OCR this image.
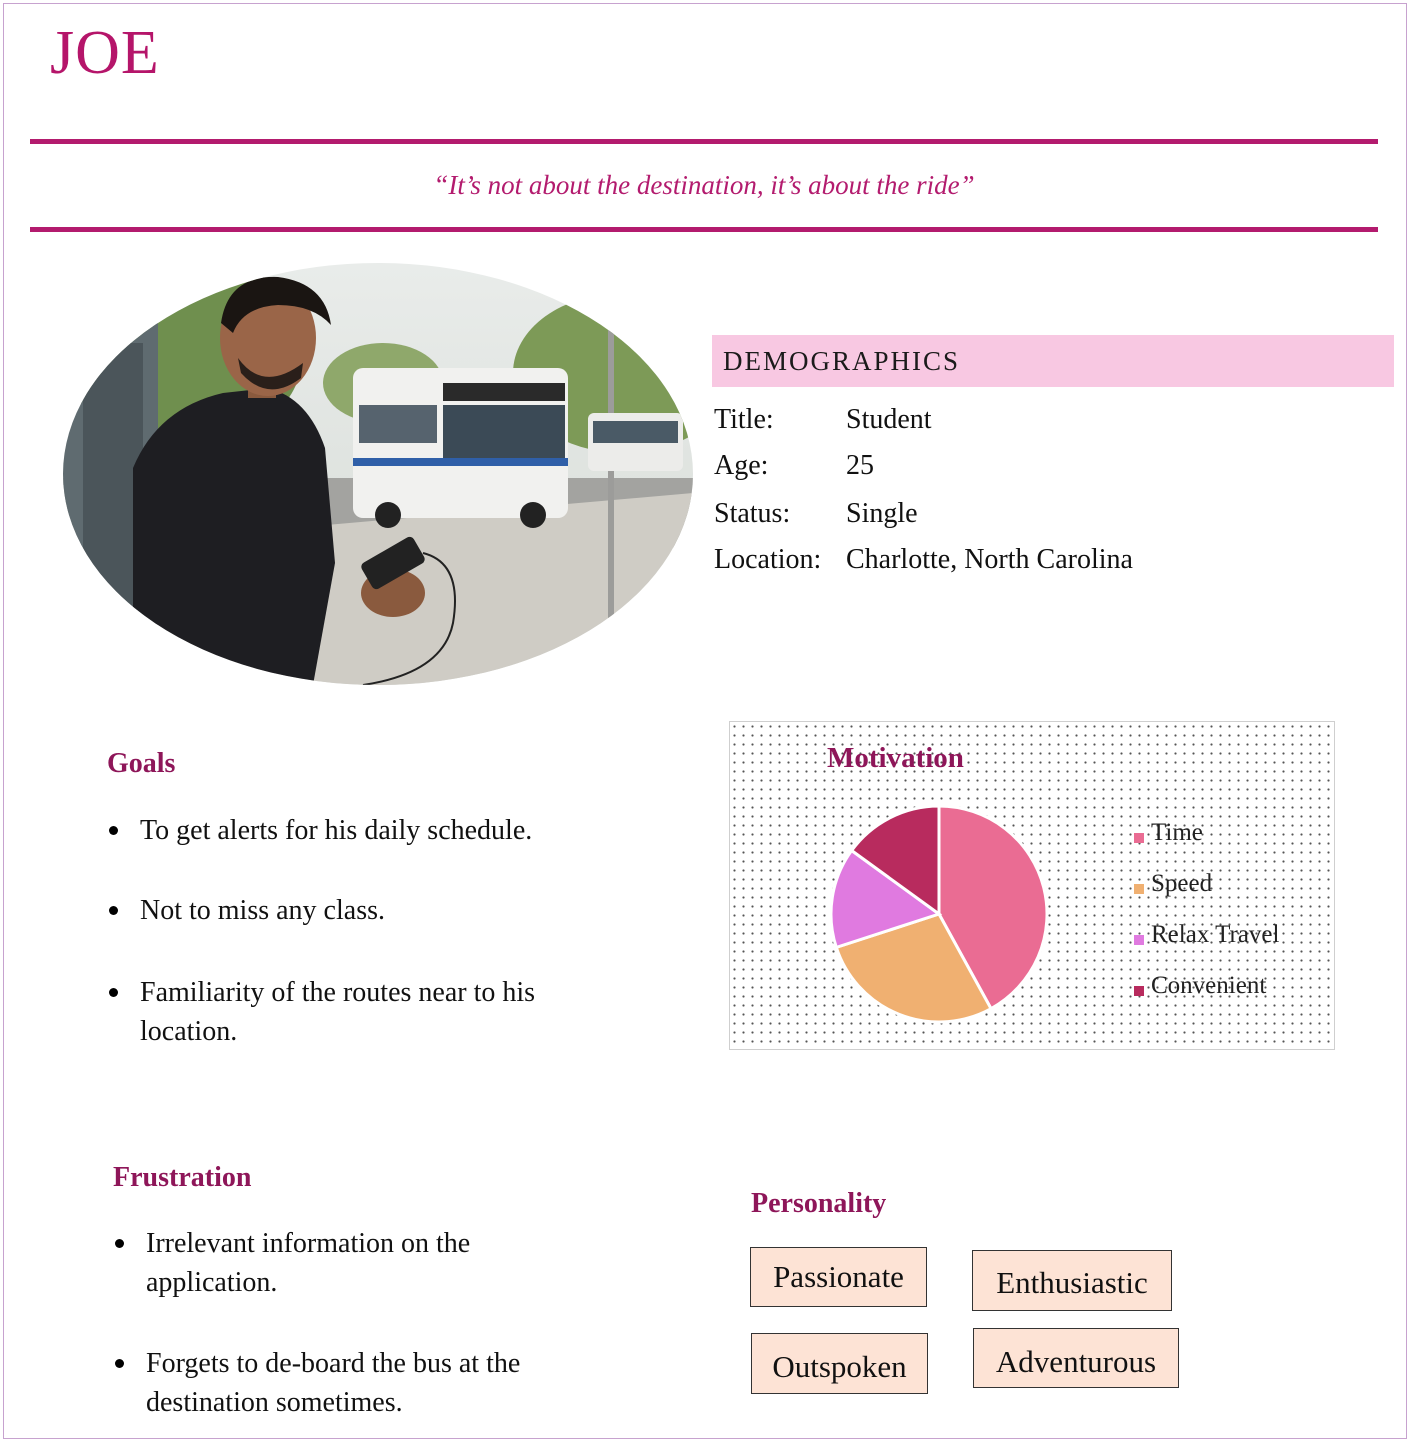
JOE
“It’s not about the destination, it’s about the ride”
DEMOGRAPHICS
Title:	Student
Age:	25
Status: Single
Location: Charlotte, North Carolina
Goals
To get alerts for his daily schedule.
Not to miss any class.
Familiarity of the routes near to his location.
Motivation
Time
Speed
Relax Travel
Convenient
Frustration
Irrelevant information on the application.
Forgets to de-board the bus at the destination sometimes.
Personality
Passionate	Enthusiastic
Outspoken	Adventurous
